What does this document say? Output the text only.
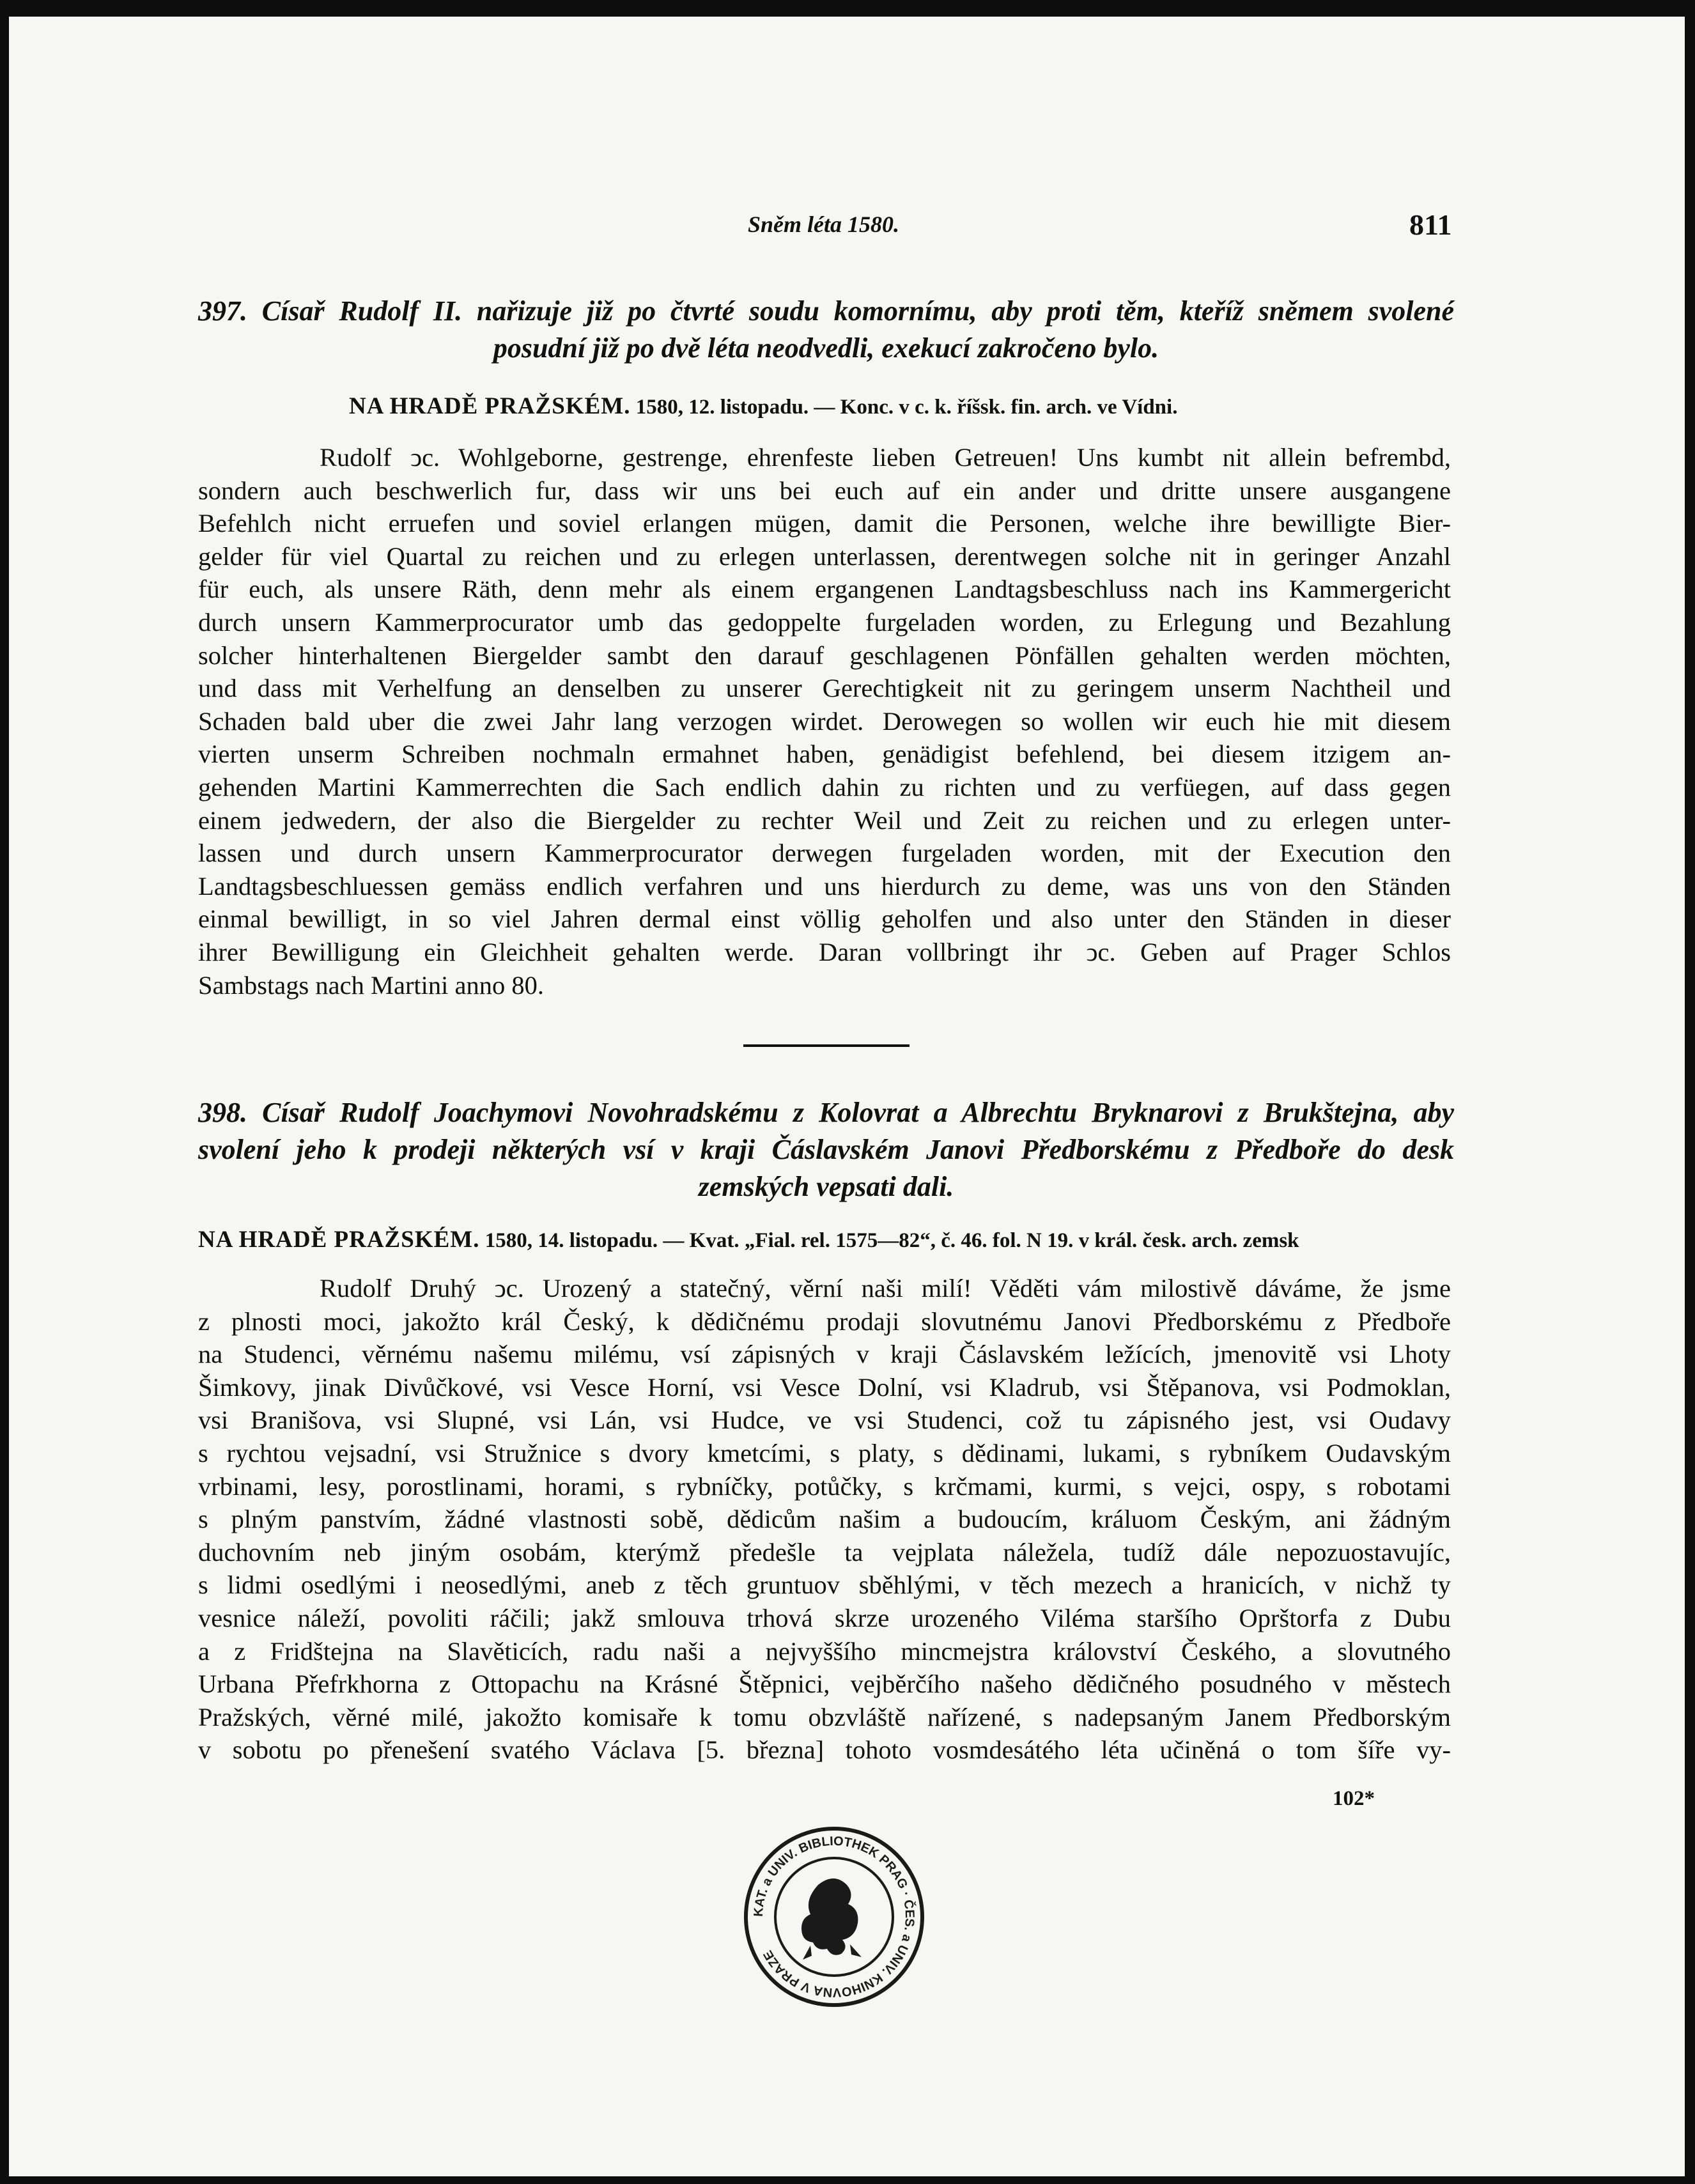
Sněm léta 1580.	811
397. Císař Rudolf II. nařizuje již po čtvrté soudu komornímu, aby proti těm, kteříž sněmem svolené
posudní již po dvě léta neodvedli, exekucí zakročeno bylo.
NA HRADĚ PRAŽSKÉM. 1580, 12. listopadu. — Konc. v c. k. říšsk. fin. arch. ve Vídni.
Rudolf ↄc. Wohlgeborne, gestrenge, ehrenfeste lieben Getreuen! Uns kumbt nit allein befrembd,
sondern auch beschwerlich fur, dass wir uns bei euch auf ein ander und dritte unsere ausgangene
Befehlch nicht erruefen und soviel erlangen mügen, damit die Personen, welche ihre bewilligte Bier-
gelder für viel Quartal zu reichen und zu erlegen unterlassen, derentwegen solche nit in geringer Anzahl
für euch, als unsere Räth, denn mehr als einem ergangenen Landtagsbeschluss nach ins Kammergericht
durch unsern Kammerprocurator umb das gedoppelte furgeladen worden, zu Erlegung und Bezahlung
solcher hinterhaltenen Biergelder sambt den darauf geschlagenen Pönfällen gehalten werden möchten,
und dass mit Verhelfung an denselben zu unserer Gerechtigkeit nit zu geringem unserm Nachtheil und
Schaden bald uber die zwei Jahr lang verzogen wirdet. Derowegen so wollen wir euch hie mit diesem
vierten unserm Schreiben nochmaln ermahnet haben, genädigist befehlend, bei diesem itzigem an-
gehenden Martini Kammerrechten die Sach endlich dahin zu richten und zu verfüegen, auf dass gegen
einem jedwedern, der also die Biergelder zu rechter Weil und Zeit zu reichen und zu erlegen unter-
lassen und durch unsern Kammerprocurator derwegen furgeladen worden, mit der Execution den
Landtagsbeschluessen gemäss endlich verfahren und uns hierdurch zu deme, was uns von den Ständen
einmal bewilligt, in so viel Jahren dermal einst völlig geholfen und also unter den Ständen in dieser
ihrer Bewilligung ein Gleichheit gehalten werde. Daran vollbringt ihr ↄc. Geben auf Prager Schlos
Sambstags nach Martini anno 80.
398. Císař Rudolf Joachymovi Novohradskému z Kolovrat a Albrechtu Bryknarovi z Brukštejna, aby
svolení jeho k prodeji některých vsí v kraji Čáslavském Janovi Předborskému z Předboře do desk
zemských vepsati dali.
NA HRADĚ PRAŽSKÉM. 1580, 14. listopadu. — Kvat. „Fial. rel. 1575—82“, č. 46. fol. N 19. v král. česk. arch. zemsk
Rudolf Druhý ↄc. Urozený a statečný, věrní naši milí! Věděti vám milostivě dáváme, že jsme
z plnosti moci, jakožto král Český, k dědičnému prodaji slovutnému Janovi Předborskému z Předboře
na Studenci, věrnému našemu milému, vsí zápisných v kraji Čáslavském ležících, jmenovitě vsi Lhoty
Šimkovy, jinak Divůčkové, vsi Vesce Horní, vsi Vesce Dolní, vsi Kladrub, vsi Štěpanova, vsi Podmoklan,
vsi Branišova, vsi Slupné, vsi Lán, vsi Hudce, ve vsi Studenci, což tu zápisného jest, vsi Oudavy
s rychtou vejsadní, vsi Stružnice s dvory kmetcími, s platy, s dědinami, lukami, s rybníkem Oudavským
vrbinami, lesy, porostlinami, horami, s rybníčky, potůčky, s krčmami, kurmi, s vejci, ospy, s robotami
s plným panstvím, žádné vlastnosti sobě, dědicům našim a budoucím, králuom Českým, ani žádným
duchovním neb jiným osobám, kterýmž předešle ta vejplata náležela, tudíž dále nepozuostavujíc,
s lidmi osedlými i neosedlými, aneb z těch gruntuov sběhlými, v těch mezech a hranicích, v nichž ty
vesnice náleží, povoliti ráčili; jakž smlouva trhová skrze urozeného Viléma staršího Oprštorfa z Dubu
a z Fridštejna na Slavěticích, radu naši a nejvyššího mincmejstra království Českého, a slovutného
Urbana Přefrkhorna z Ottopachu na Krásné Štěpnici, vejběrčího našeho dědičného posudného v městech
Pražských, věrné milé, jakožto komisaře k tomu obzvláště nařízené, s nadepsaným Janem Předborským
v sobotu po přenešení svatého Václava [5. března] tohoto vosmdesátého léta učiněná o tom šíře vy-
102*
KAT. a UNIV. BIBLIOTHEK PRAG · ČES. a UNIV. KNIHOVNA V PRAZE
